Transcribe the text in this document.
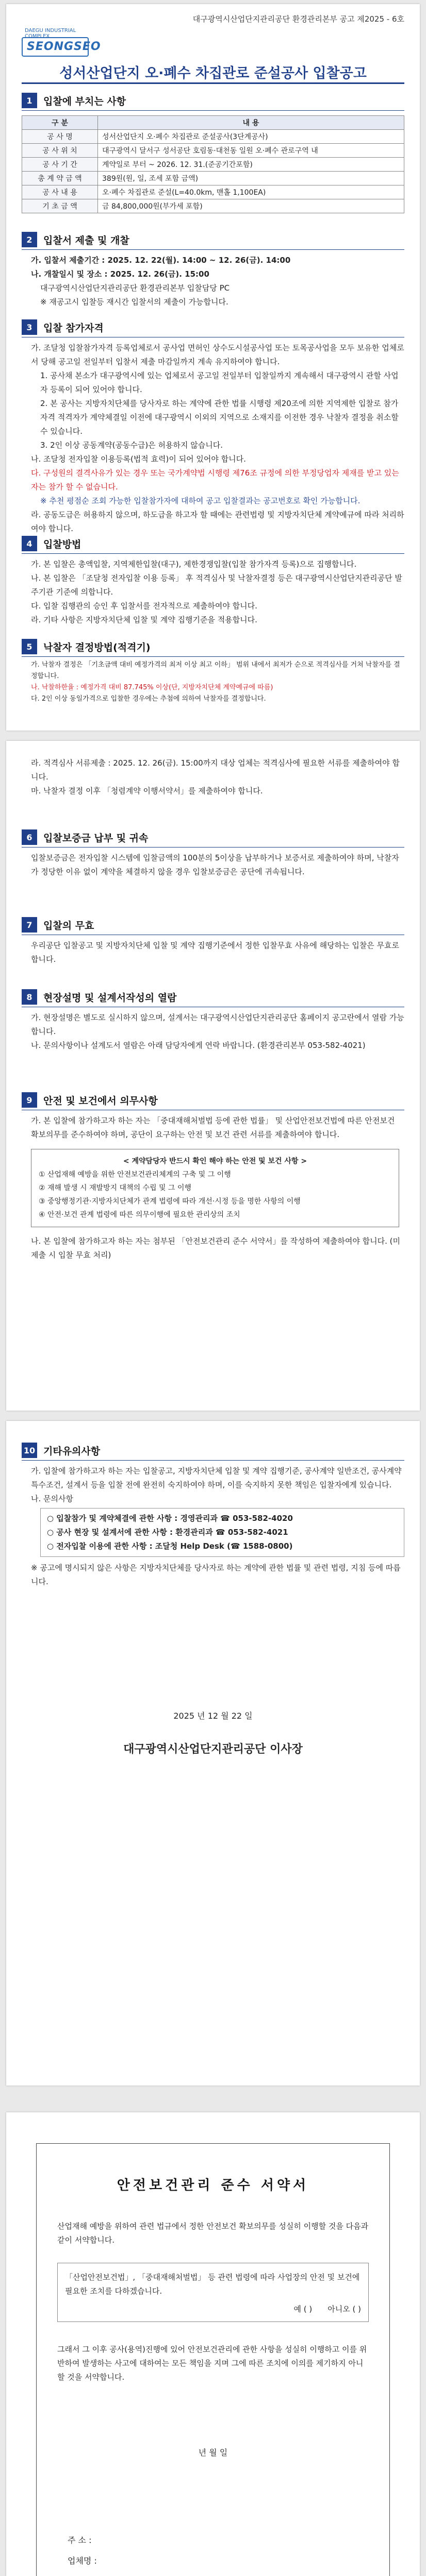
대구광역시산업단지관리공단 환경관리본부 공고 제2025 - 6호
DAEGU INDUSTRIAL COMPLEX
SEONGSEO
성서산업단지 오·폐수 차집관로 준설공사 입찰공고
1	입찰에 부치는 사항
구 분	내 용
공 사 명	성서산업단지 오·폐수 차집관로 준설공사(3단계공사)
공 사 위 치	대구광역시 달서구 성서공단 호림동·대천동 일원 오·폐수 관로구역 내
공 사 기 간	계약일로 부터 ~ 2026. 12. 31.(준공기간포함)
총 계 약 금 액	389원(원, 일, 조세 포함 금액)
공 사 내 용	오·폐수 차집관로 준설(L=40.0km, 맨홀 1,100EA)
기 초 금 액	금 84,800,000원(부가세 포함)
2	입찰서 제출 및 개찰

가. 입찰서 제출기간 : 2025. 12. 22(월). 14:00 ~ 12. 26(금). 14:00

나. 개찰일시 및 장소 : 2025. 12. 26(금). 15:00

대구광역시산업단지관리공단 환경관리본부 입찰담당 PC

※ 재공고시 입찰등 재시간 입찰서의 제출이 가능합니다.

3	입찰 참가자격

가. 조달청 입찰참가자격 등록업체로서 공사업 면허인 상수도시설공사업 또는 토목공사업을 모두 보유한 업체로서 당해 공고일 전일부터 입찰서 제출 마감일까지 계속 유지하여야 합니다.

1. 공사채 본소가 대구광역시에 있는 업체로서 공고일 전일부터 입찰일까지 계속해서 대구광역시 관할 사업자 등록이 되어 있어야 합니다.

2. 본 공사는 지방자치단체를 당사자로 하는 계약에 관한 법률 시행령 제20조에 의한 지역제한 입찰로 참가자격 적격자가 계약체결일 이전에 대구광역시 이외의 지역으로 소재지를 이전한 경우 낙찰자 결정을 취소할 수 있습니다.

3. 2인 이상 공동계약(공동수급)은 허용하지 않습니다.

나. 조달청 전자입찰 이용등록(법적 효력)이 되어 있어야 합니다.

다. 구성원의 결격사유가 있는 경우 또는 국가계약법 시행령 제76조 규정에 의한 부정당업자 제재를 받고 있는 자는 참가 할 수 없습니다.

※ 추천 평점순 조회 가능한 입찰참가자에 대하여 공고 입찰결과는 공고번호로 확인 가능합니다.

라. 공동도급은 허용하지 않으며, 하도급을 하고자 할 때에는 관련법령 및 지방자치단체 계약예규에 따라 처리하여야 합니다.

4	입찰방법

가. 본 입찰은 총액입찰, 지역제한입찰(대구), 제한경쟁입찰(입찰 참가자격 등록)으로 집행합니다.

나. 본 입찰은 「조달청 전자입찰 이용 등록」 후 적격심사 및 낙찰자결정 등은 대구광역시산업단지관리공단 발주기관 기준에 의합니다.

다. 입찰 집행관의 승인 후 입찰서를 전자적으로 제출하여야 합니다.

라. 기타 사항은 지방자치단체 입찰 및 계약 집행기준을 적용합니다.

5	낙찰자 결정방법(적격기)

가. 낙찰자 결정은 「기초금액 대비 예정가격의 최저 이상 최고 이하」 범위 내에서 최저가 순으로 적격심사를 거쳐 낙찰자를 결정합니다.

나. 낙찰하한율 : 예정가격 대비 87.745% 이상(단, 지방자치단체 계약예규에 따름)

다. 2인 이상 동일가격으로 입찰한 경우에는 추첨에 의하여 낙찰자를 결정합니다.

라. 적격심사 서류제출 : 2025. 12. 26(금). 15:00까지 대상 업체는 적격심사에 필요한 서류를 제출하여야 합니다.

마. 낙찰자 결정 이후 「청렴계약 이행서약서」를 제출하여야 합니다.

6	입찰보증금 납부 및 귀속

입찰보증금은 전자입찰 시스템에 입찰금액의 100분의 5이상을 납부하거나 보증서로 제출하여야 하며, 낙찰자가 정당한 이유 없이 계약을 체결하지 않을 경우 입찰보증금은 공단에 귀속됩니다.

7	입찰의 무효

우리공단 입찰공고 및 지방자치단체 입찰 및 계약 집행기준에서 정한 입찰무효 사유에 해당하는 입찰은 무효로 합니다.

8	현장설명 및 설계서작성의 열람

가. 현장설명은 별도로 실시하지 않으며, 설계서는 대구광역시산업단지관리공단 홈페이지 공고란에서 열람 가능합니다.

나. 문의사항이나 설계도서 열람은 아래 담당자에게 연락 바랍니다. (환경관리본부 053-582-4021)

9	안전 및 보건에서 의무사항

가. 본 입찰에 참가하고자 하는 자는 「중대재해처벌법 등에 관한 법률」 및 산업안전보건법에 따른 안전보건 확보의무를 준수하여야 하며, 공단이 요구하는 안전 및 보건 관련 서류를 제출하여야 합니다.

< 계약담당자 반드시 확인 해야 하는 안전 및 보건 사항 >
① 산업재해 예방을 위한 안전보건관리체계의 구축 및 그 이행
② 재해 발생 시 재발방지 대책의 수립 및 그 이행
③ 중앙행정기관·지방자치단체가 관계 법령에 따라 개선·시정 등을 명한 사항의 이행
④ 안전·보건 관계 법령에 따른 의무이행에 필요한 관리상의 조치

나. 본 입찰에 참가하고자 하는 자는 첨부된 「안전보건관리 준수 서약서」를 작성하여 제출하여야 합니다. (미제출 시 입찰 무효 처리)

10 기타유의사항

가. 입찰에 참가하고자 하는 자는 입찰공고, 지방자치단체 입찰 및 계약 집행기준, 공사계약 일반조건, 공사계약 특수조건, 설계서 등을 입찰 전에 완전히 숙지하여야 하며, 이를 숙지하지 못한 책임은 입찰자에게 있습니다.

나. 문의사항

○ 입찰참가 및 계약체결에 관한 사항 : 경영관리과 ☎ 053-582-4020

○ 공사 현장 및 설계서에 관한 사항 : 환경관리과 ☎ 053-582-4021

○ 전자입찰 이용에 관한 사항 : 조달청 Help Desk (☎ 1588-0800)

※ 공고에 명시되지 않은 사항은 지방자치단체를 당사자로 하는 계약에 관한 법률 및 관련 법령, 지침 등에 따릅니다.

2025 년 12 월 22 일
대구광역시산업단지관리공단 이사장
안전보건관리 준수 서약서

산업재해 예방을 위하여 관련 법규에서 정한 안전보건 확보의무를 성실히 이행할 것을 다음과 같이 서약합니다.

「산업안전보건법」, 「중대재해처벌법」 등 관련 법령에 따라 사업장의 안전 및 보건에 필요한 조치를 다하겠습니다.

예 ( ) 아니오 ( )

그래서 그 이후 공사(용역)진행에 있어 안전보건관리에 관한 사항을 성실히 이행하고 이를 위반하여 발생하는 사고에 대하여는 모든 책임을 지며 그에 따른 조치에 이의를 제기하지 아니할 것을 서약합니다.

년 월 일
주 소 :
업체명 :
